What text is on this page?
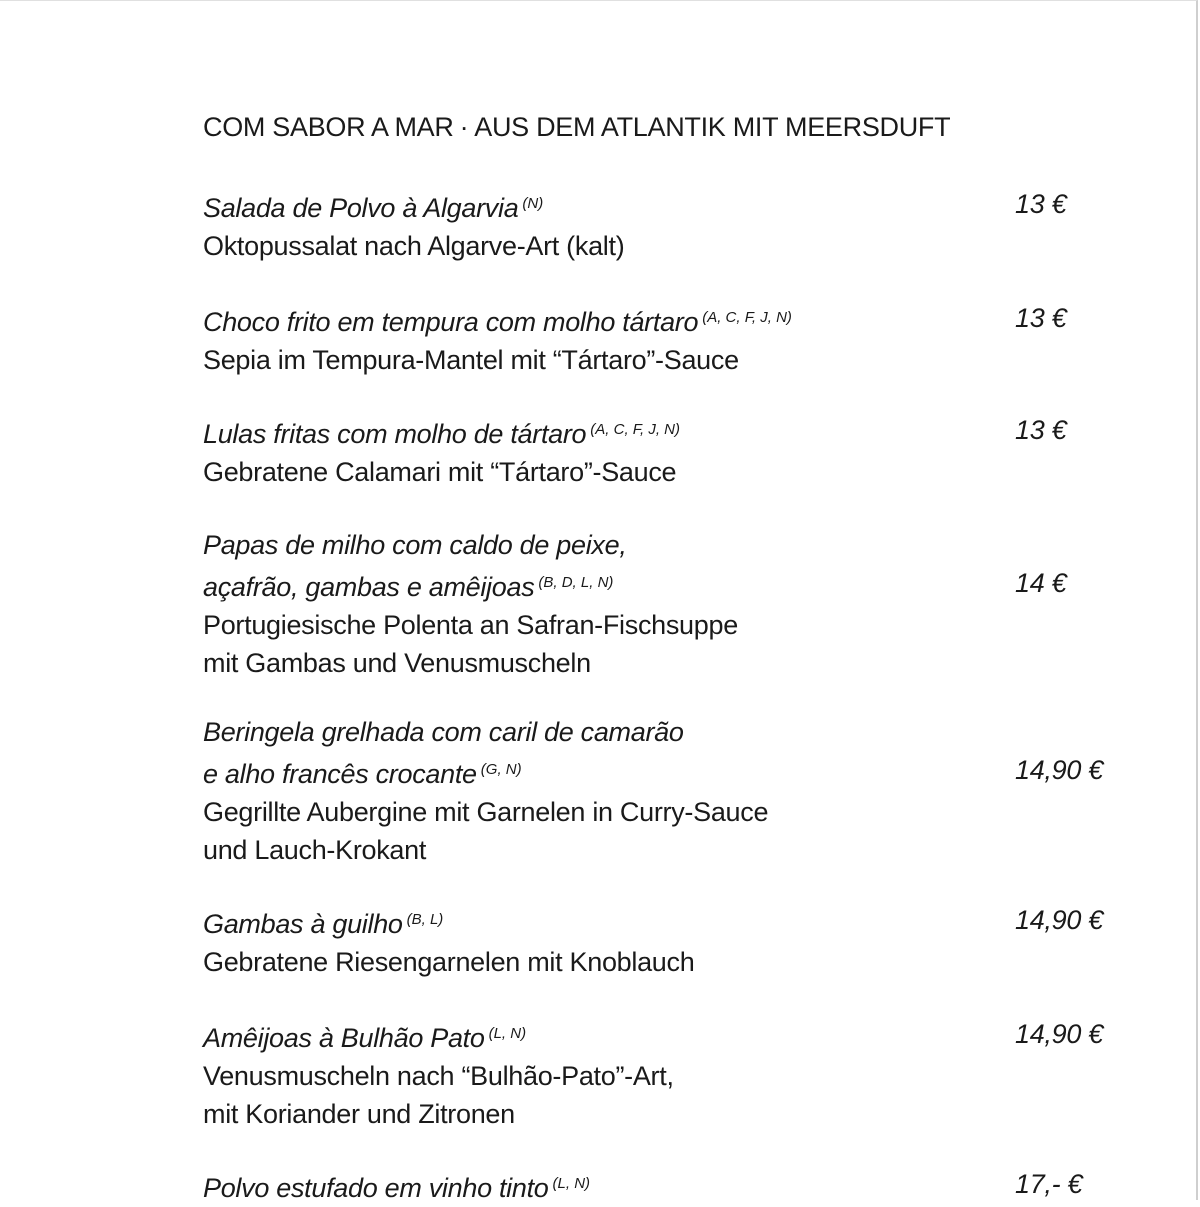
COM SABOR A MAR · AUS DEM ATLANTIK MIT MEERSDUFT
Salada de Polvo à Algarvia $^{(N)}$
Oktopussalat nach Algarve-Art (kalt)
13 €
Choco frito em tempura com molho tártaro $^{(A, C, F, J, N)}$
Sepia im Tempura-Mantel mit “Tártaro”-Sauce
13 €
Lulas fritas com molho de tártaro $^{(A, C, F, J, N)}$
Gebratene Calamari mit “Tártaro”-Sauce
13 €
Papas de milho com caldo de peixe,
açafrão, gambas e amêijoas $^{(B, D, L, N)}$
Portugiesische Polenta an Safran-Fischsuppe
mit Gambas und Venusmuscheln
14 €
Beringela grelhada com caril de camarão
e alho francês crocante $^{(G, N)}$
Gegrillte Aubergine mit Garnelen in Curry-Sauce
und Lauch-Krokant
14,90 €
Gambas à guilho $^{(B, L)}$
Gebratene Riesengarnelen mit Knoblauch
14,90 €
Amêijoas à Bulhão Pato $^{(L, N)}$
Venusmuscheln nach “Bulhão-Pato”-Art,
mit Koriander und Zitronen
14,90 €
Polvo estufado em vinho tinto $^{(L, N)}$	17,- €
